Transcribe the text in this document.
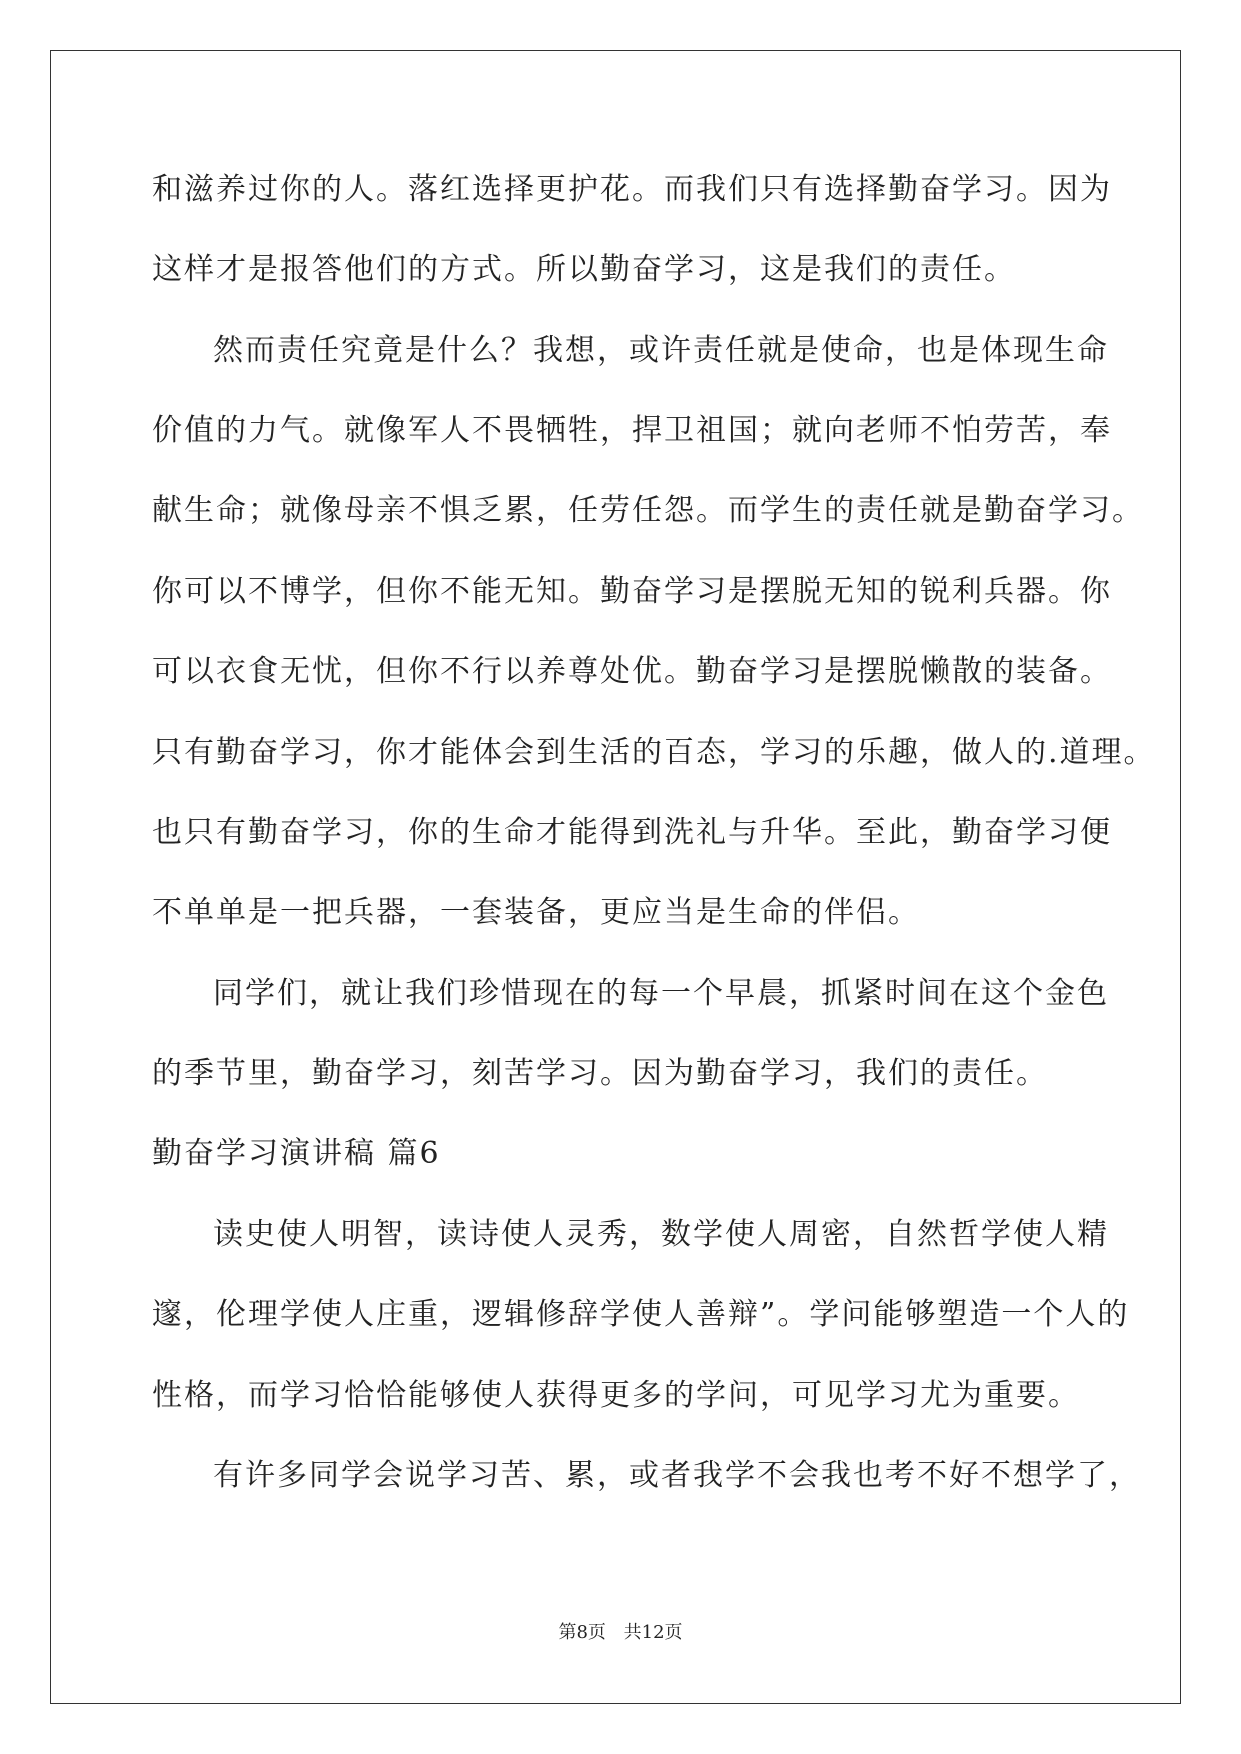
和滋养过你的人。落红选择更护花。而我们只有选择勤奋学习。因为
这样才是报答他们的方式。所以勤奋学习，这是我们的责任。
然而责任究竟是什么？我想，或许责任就是使命，也是体现生命
价值的力气。就像军人不畏牺牲，捍卫祖国；就向老师不怕劳苦，奉
献生命；就像母亲不惧乏累，任劳任怨。而学生的责任就是勤奋学习。
你可以不博学，但你不能无知。勤奋学习是摆脱无知的锐利兵器。你
可以衣食无忧，但你不行以养尊处优。勤奋学习是摆脱懒散的装备。
只有勤奋学习，你才能体会到生活的百态，学习的乐趣，做人的.道理。
也只有勤奋学习，你的生命才能得到洗礼与升华。至此，勤奋学习便
不单单是一把兵器，一套装备，更应当是生命的伴侣。
同学们，就让我们珍惜现在的每一个早晨，抓紧时间在这个金色
的季节里，勤奋学习，刻苦学习。因为勤奋学习，我们的责任。
勤奋学习演讲稿 篇6
读史使人明智，读诗使人灵秀，数学使人周密，自然哲学使人精
邃，伦理学使人庄重，逻辑修辞学使人善辩”。学问能够塑造一个人的
性格，而学习恰恰能够使人获得更多的学问，可见学习尤为重要。
有许多同学会说学习苦、累，或者我学不会我也考不好不想学了，
第8页 共12页
